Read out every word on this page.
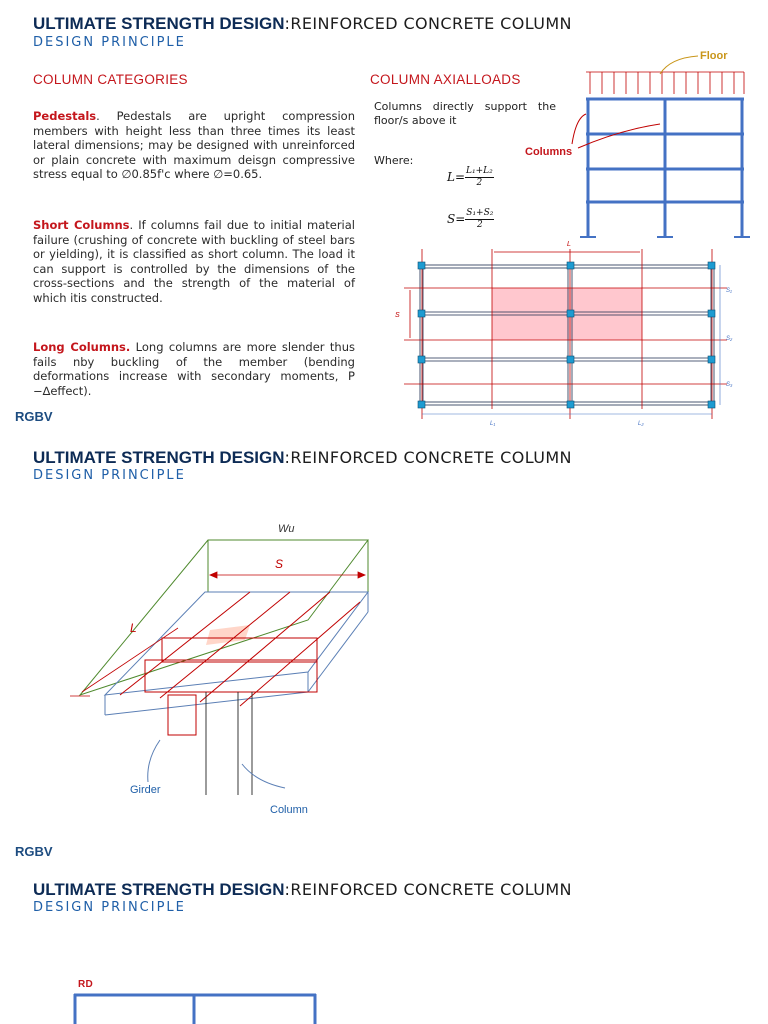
ULTIMATE STRENGTH DESIGN:REINFORCED CONCRETE COLUMN
DESIGN PRINCIPLE
COLUMN CATEGORIES	COLUMN AXIALLOADS

Pedestals. Pedestals are upright compression members with height less than three times its least lateral dimensions; may be designed with unreinforced or plain concrete with maximum deisgn compressive stress equal to ∅0.85f'c where ∅=0.65.

Short Columns. If columns fail due to initial material failure (crushing of concrete with buckling of steel bars or yielding), it is classified as short column. The load it can support is controlled by the dimensions of the cross-sections and the strength of the material of which itis constructed.

Long Columns. Long columns are more slender thus fails nby buckling of the member (bending deformations increase with secondary moments, P −∆effect).

Columns directly support the floor/s above it
Where:
$L= \frac{\text{L₁+L₂}}{2}$
$S= \frac{\text{S₁+S₂}}{2}$
Floor
Columns
L
S
L₁	L₂
S₁
S₂
S₃
RGBV
ULTIMATE STRENGTH DESIGN:REINFORCED CONCRETE COLUMN
DESIGN PRINCIPLE
Wu
S
L
Girder
Column
RGBV
ULTIMATE STRENGTH DESIGN:REINFORCED CONCRETE COLUMN
DESIGN PRINCIPLE
RD
